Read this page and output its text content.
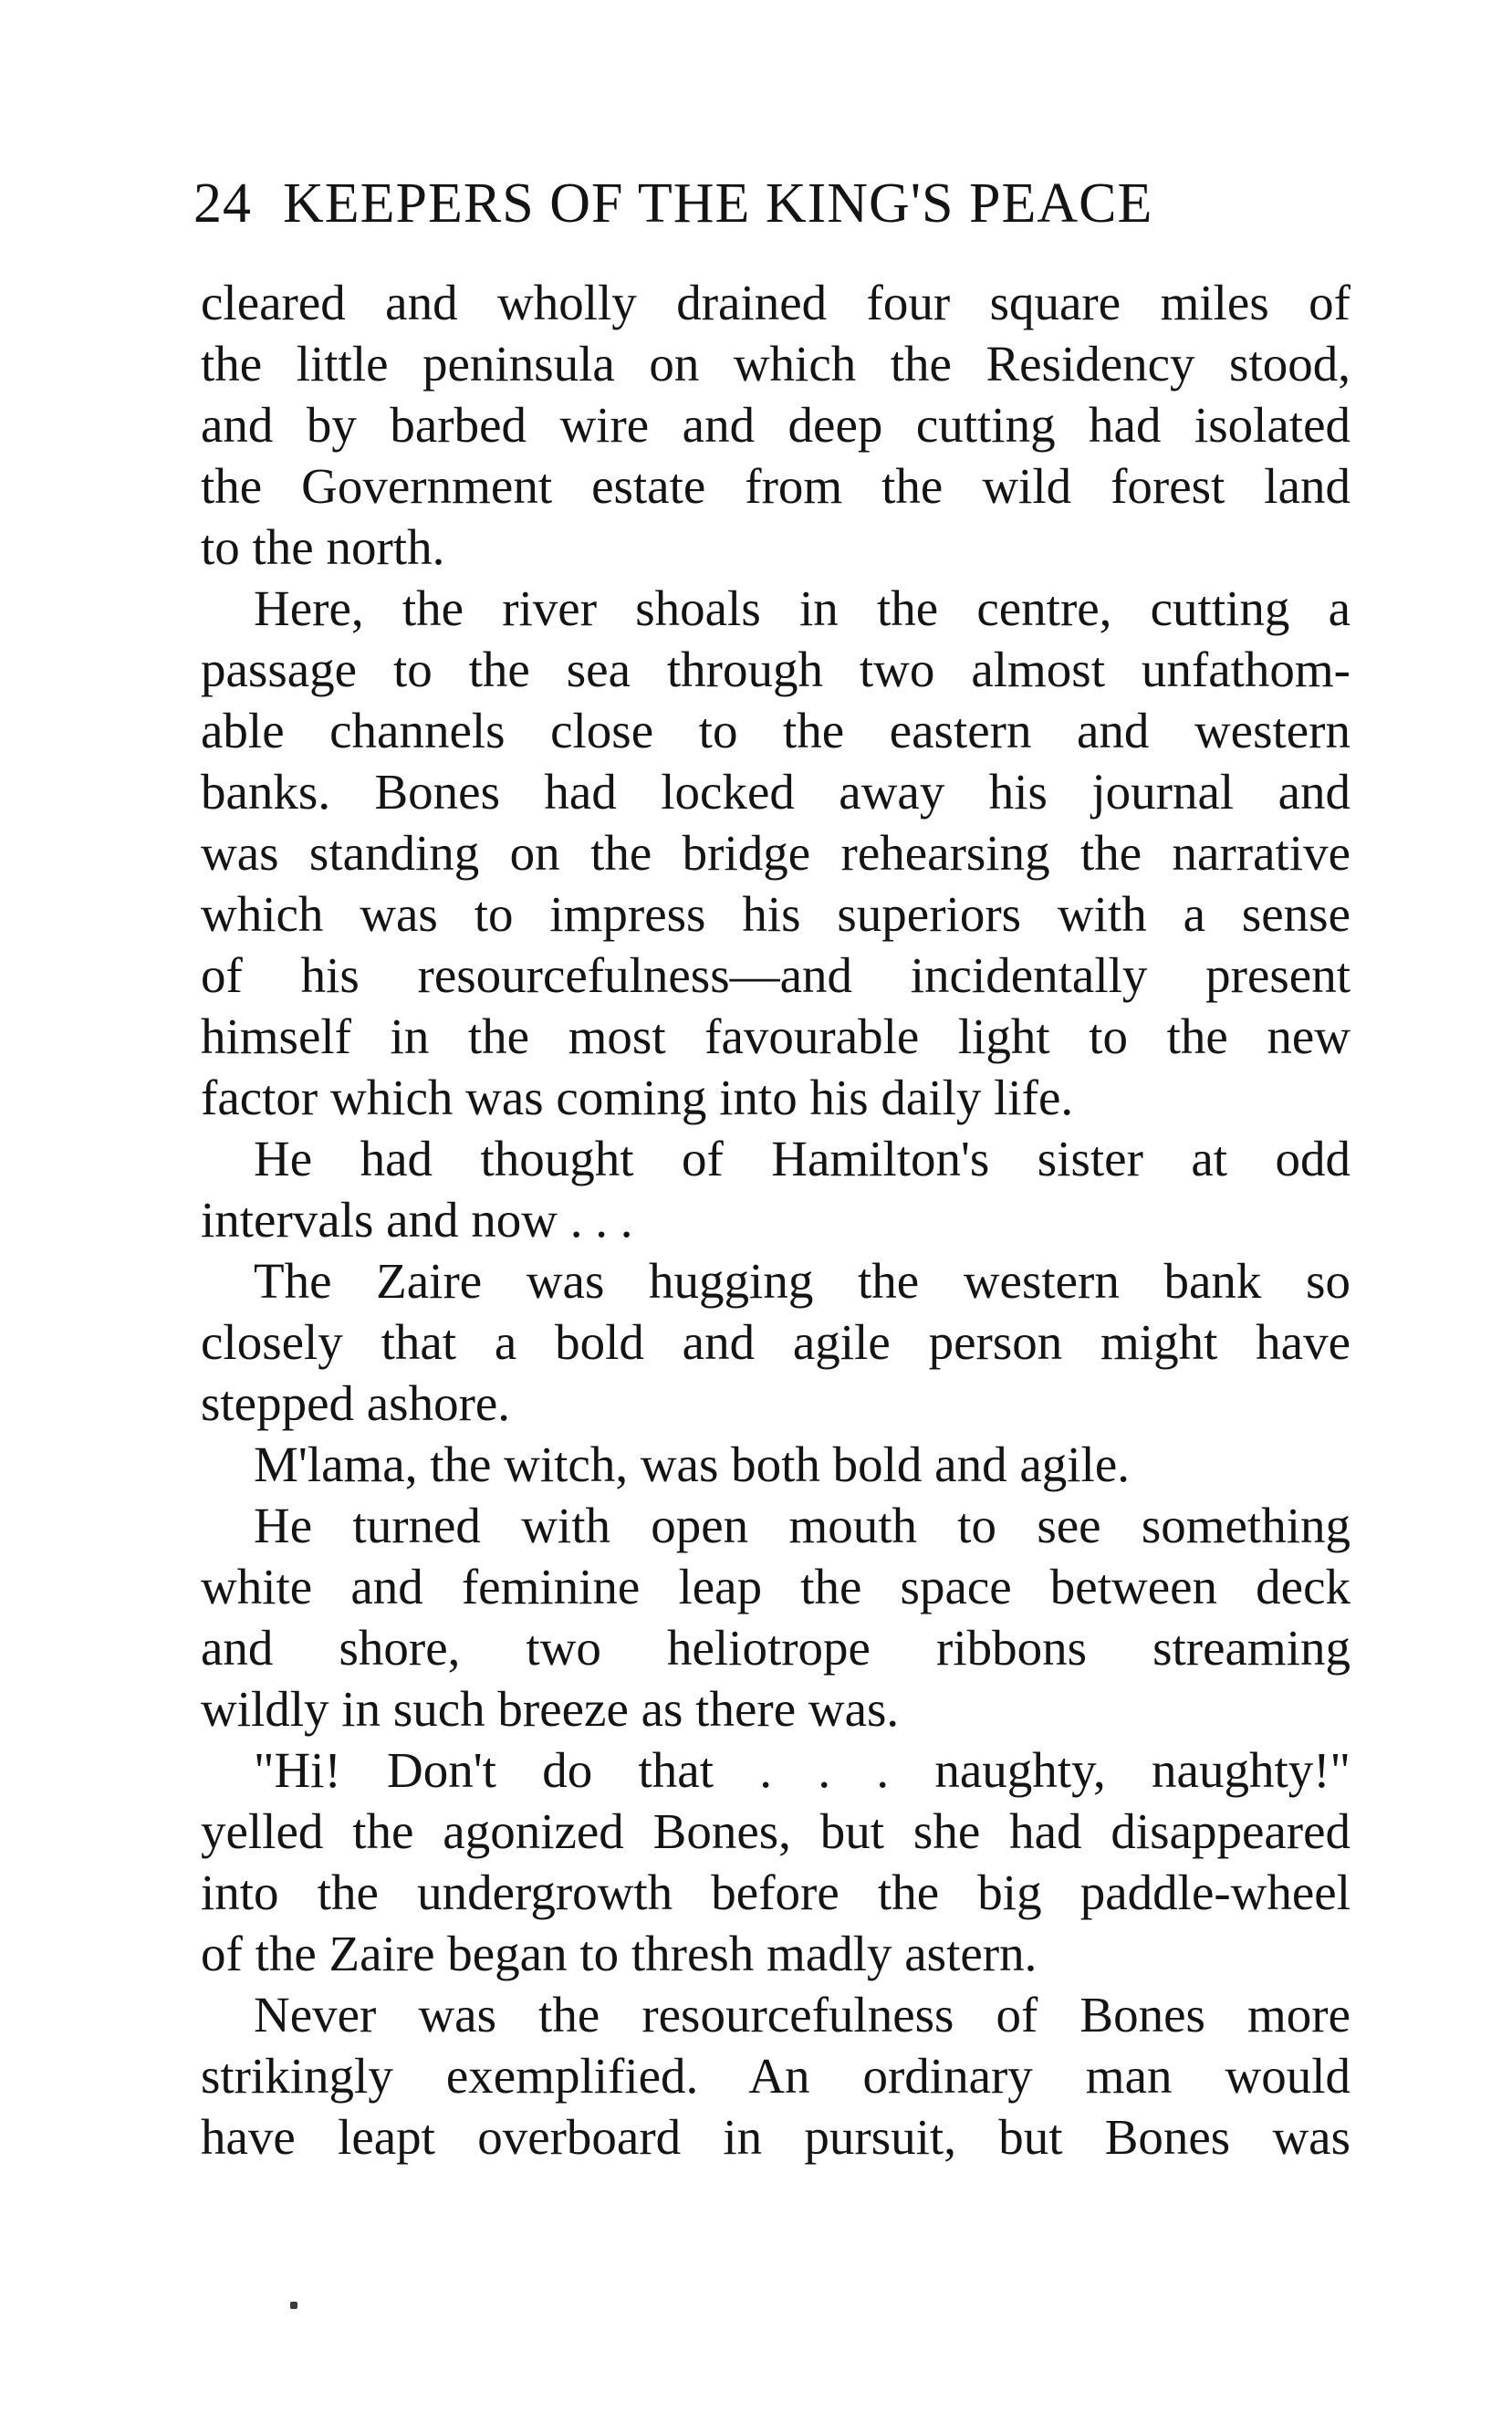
24 KEEPERS OF THE KING'S PEACE
cleared and wholly drained four square miles of
the little peninsula on which the Residency stood,
and by barbed wire and deep cutting had isolated
the Government estate from the wild forest land
to the north.
Here, the river shoals in the centre, cutting a
passage to the sea through two almost unfathom-
able channels close to the eastern and western
banks. Bones had locked away his journal and
was standing on the bridge rehearsing the narrative
which was to impress his superiors with a sense
of his resourcefulness—and incidentally present
himself in the most favourable light to the new
factor which was coming into his daily life.
He had thought of Hamilton's sister at odd
intervals and now . . .
The Zaire was hugging the western bank so
closely that a bold and agile person might have
stepped ashore.
M'lama, the witch, was both bold and agile.
He turned with open mouth to see something
white and feminine leap the space between deck
and shore, two heliotrope ribbons streaming
wildly in such breeze as there was.
"Hi! Don't do that . . . naughty, naughty!"
yelled the agonized Bones, but she had disappeared
into the undergrowth before the big paddle-wheel
of the Zaire began to thresh madly astern.
Never was the resourcefulness of Bones more
strikingly exemplified. An ordinary man would
have leapt overboard in pursuit, but Bones was
